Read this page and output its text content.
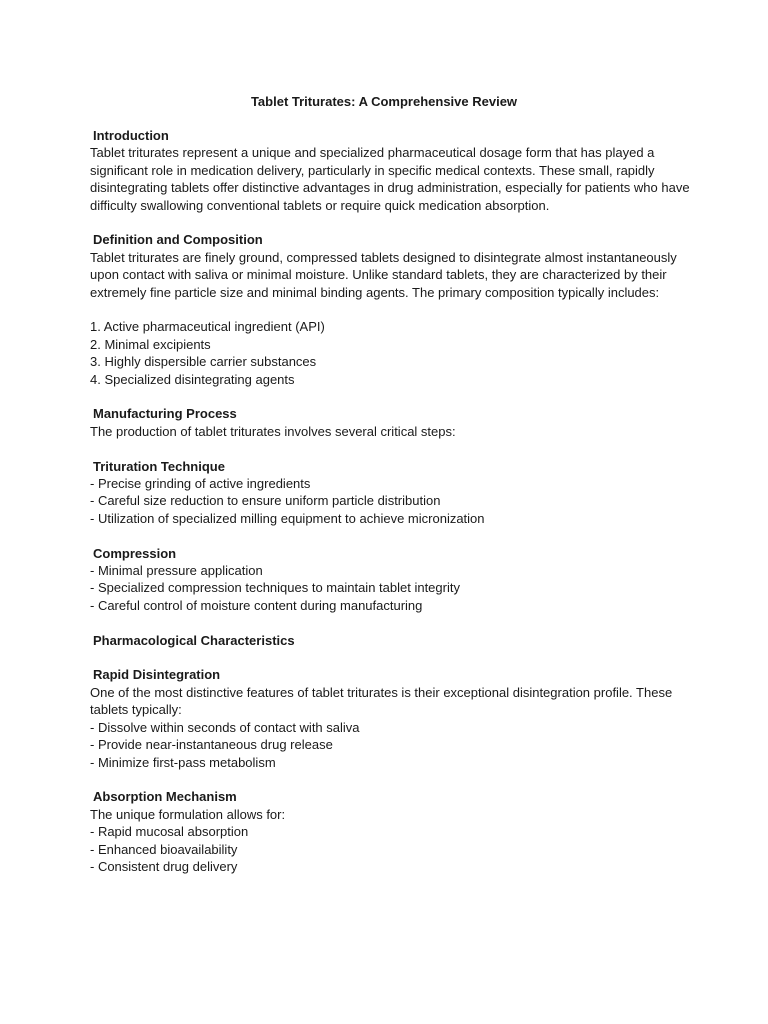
Tablet Triturates: A Comprehensive Review

Introduction

Tablet triturates represent a unique and specialized pharmaceutical dosage form that has played a significant role in medication delivery, particularly in specific medical contexts. These small, rapidly disintegrating tablets offer distinctive advantages in drug administration, especially for patients who have difficulty swallowing conventional tablets or require quick medication absorption.

Definition and Composition

Tablet triturates are finely ground, compressed tablets designed to disintegrate almost instantaneously upon contact with saliva or minimal moisture. Unlike standard tablets, they are characterized by their extremely fine particle size and minimal binding agents. The primary composition typically includes:

1. Active pharmaceutical ingredient (API)
2. Minimal excipients
3. Highly dispersible carrier substances
4. Specialized disintegrating agents

Manufacturing Process

The production of tablet triturates involves several critical steps:

Trituration Technique

- Precise grinding of active ingredients
- Careful size reduction to ensure uniform particle distribution
- Utilization of specialized milling equipment to achieve micronization

Compression

- Minimal pressure application
- Specialized compression techniques to maintain tablet integrity
- Careful control of moisture content during manufacturing

Pharmacological Characteristics

Rapid Disintegration

One of the most distinctive features of tablet triturates is their exceptional disintegration profile. These tablets typically:

- Dissolve within seconds of contact with saliva
- Provide near-instantaneous drug release
- Minimize first-pass metabolism

Absorption Mechanism

The unique formulation allows for:

- Rapid mucosal absorption
- Enhanced bioavailability
- Consistent drug delivery
